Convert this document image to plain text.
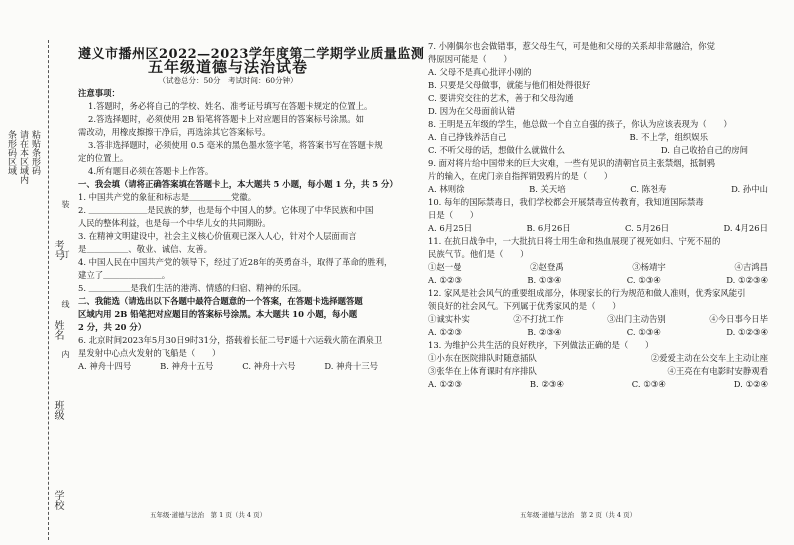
条形码区域 请在本区域内 粘贴条形码
考号
姓名
班级
学校
装
订
线
内

遵义市播州区2022—2023学年度第二学期学业质量监测

五年级道德与法治试卷

（试卷总分：50分　考试时间：60分钟）

注意事项：

1.答题时，务必将自己的学校、姓名、准考证号填写在答题卡规定的位置上。

2.答选择题时，必须使用 2B 铅笔将答题卡上对应题目的答案标号涂黑。如

需改动，用橡皮擦擦干净后，再选涂其它答案标号。

3.答非选择题时，必须使用 0.5 毫米的黑色墨水签字笔，将答案书写在答题卡规

定的位置上。

4.所有题目必须在答题卡上作答。

一、我会填（请将正确答案填在答题卡上，本大题共 5 小题，每小题 1 分，共 5 分）

1. 中国共产党的象征和标志是＿＿＿＿＿党徽。

2. ＿＿＿＿＿＿＿是民族的梦，也是每个中国人的梦。它体现了中华民族和中国

人民的整体利益，也是每一个中华儿女的共同期盼。

3. 在精神文明建设中，社会主义核心价值观已深入人心，针对个人层面而言

是＿＿＿＿＿、敬业、诚信、友善。

4. 中国人民在中国共产党的领导下，经过了近28年的英勇奋斗，取得了革命的胜利，

建立了＿＿＿＿＿＿＿。

5. ＿＿＿＿＿是我们生活的港湾、情感的归宿、精神的乐园。

二、我能选（请选出以下各题中最符合题意的一个答案，在答题卡选择题答题

区域内用 2B 铅笔把对应题目的答案标号涂黑。本大题共 10 小题，每小题

2 分，共 20 分）

6. 北京时间2023年5月30日9时31分，搭载着长征二号F遥十六运载火箭在酒泉卫

星发射中心点火发射的飞船是（　　）

A. 神舟十四号	B. 神舟十五号	C. 神舟十六号	D. 神舟十三号

7. 小刚偶尔也会做错事，惹父母生气，可是他和父母的关系却非常融洽，你觉

得原因可能是（　　）

A. 父母不是真心批评小刚的

B. 只要是父母做事，就能与他们相处得很好

C. 要讲究交往的艺术，善于和父母沟通

D. 因为在父母面前认错

8. 王明是五年级的学生，他总做一个自立自强的孩子，你认为应该表现为（　　）

A. 自己挣钱养活自己	B. 不上学，组织娱乐

C. 不听父母的话，想做什么就做什么	D. 自己收拾自己的房间

9. 面对将片给中国带来的巨大灾难，一些有见识的清朝官员主张禁烟，抵制鸦

片的输入，在虎门亲自指挥销毁鸦片的是（　　）

A. 林则徐	B. 关天培	C. 陈천寿	D. 孙中山

10. 每年的国际禁毒日，我们学校都会开展禁毒宣传教育，我知道国际禁毒

日是（　　）

A. 6月25日	B. 6月26日	C. 5月26日	D. 4月26日

11. 在抗日战争中，一大批抗日将士用生命和热血展现了视死如归、宁死不屈的

民族气节。他们是（　　）

①赵一曼	②赵登禹	③杨靖宇	④吉鸿昌

A. ①②③	B. ①③④	C. ①③④	D. ①②③④

12. 家风是社会风气的重要组成部分，体现家长的行为规范和做人准则，优秀家风能引

领良好的社会风气。下列属于优秀家风的是（　　）

①诚实朴实	②不打扰工作	③出门主动告别	④今日事今日毕

A. ①②③	B. ②③④	C. ①③④	D. ①②③④

13. 为维护公共生活的良好秩序，下列做法正确的是（　　）

①小东在医院排队时随意插队	②爱爱主动在公交车上主动让座

③张华在上体育课时有序排队	④王亮在有电影时安静观看

A. ①②③	B. ②③④	C. ①③④	D. ①②④

五年级·道德与法治　第 1 页（共 4 页）	五年级·道德与法治　第 2 页（共 4 页）
